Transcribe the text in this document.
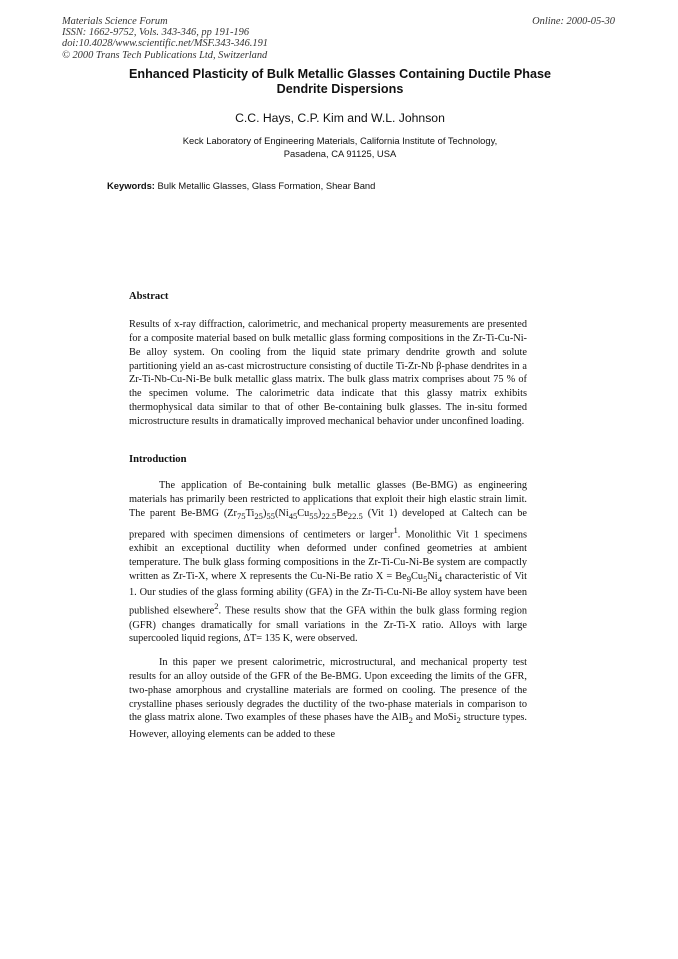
Materials Science Forum
ISSN: 1662-9752, Vols. 343-346, pp 191-196
doi:10.4028/www.scientific.net/MSF.343-346.191
© 2000 Trans Tech Publications Ltd, Switzerland
Online: 2000-05-30
Enhanced Plasticity of Bulk Metallic Glasses Containing Ductile Phase
Dendrite Dispersions
C.C. Hays, C.P. Kim and W.L. Johnson
Keck Laboratory of Engineering Materials, California Institute of Technology,
Pasadena, CA 91125, USA
Keywords: Bulk Metallic Glasses, Glass Formation, Shear Band
Abstract

Results of x-ray diffraction, calorimetric, and mechanical property measurements are presented for a composite material based on bulk metallic glass forming compositions in the Zr-Ti-Cu-Ni-Be alloy system. On cooling from the liquid state primary dendrite growth and solute partitioning yield an as-cast microstructure consisting of ductile Ti-Zr-Nb β-phase dendrites in a Zr-Ti-Nb-Cu-Ni-Be bulk metallic glass matrix. The bulk glass matrix comprises about 75 % of the specimen volume. The calorimetric data indicate that this glassy matrix exhibits thermophysical data similar to that of other Be-containing bulk glasses. The in-situ formed microstructure results in dramatically improved mechanical behavior under unconfined loading.

Introduction

The application of Be-containing bulk metallic glasses (Be-BMG) as engineering materials has primarily been restricted to applications that exploit their high elastic strain limit. The parent Be-BMG $(Zr_{75}Ti_{25})_{55}(Ni_{45}Cu_{55})_{22.5}Be_{22.5}$ (Vit 1) developed at Caltech can be prepared with specimen dimensions of centimeters or larger$^1$. Monolithic Vit 1 specimens exhibit an exceptional ductility when deformed under confined geometries at ambient temperature. The bulk glass forming compositions in the Zr-Ti-Cu-Ni-Be system are compactly written as Zr-Ti-X, where X represents the Cu-Ni-Be ratio $X = Be_9Cu_5Ni_4$ characteristic of Vit 1. Our studies of the glass forming ability (GFA) in the Zr-Ti-Cu-Ni-Be alloy system have been published elsewhere$^2$. These results show that the GFA within the bulk glass forming region (GFR) changes dramatically for small variations in the Zr-Ti-X ratio. Alloys with large supercooled liquid regions, ΔT= 135 K, were observed.

In this paper we present calorimetric, microstructural, and mechanical property test results for an alloy outside of the GFR of the Be-BMG. Upon exceeding the limits of the GFR, two-phase amorphous and crystalline materials are formed on cooling. The presence of the crystalline phases seriously degrades the ductility of the two-phase materials in comparison to the glass matrix alone. Two examples of these phases have the AlB$_2$ and MoSi$_2$ structure types. However, alloying elements can be added to these
